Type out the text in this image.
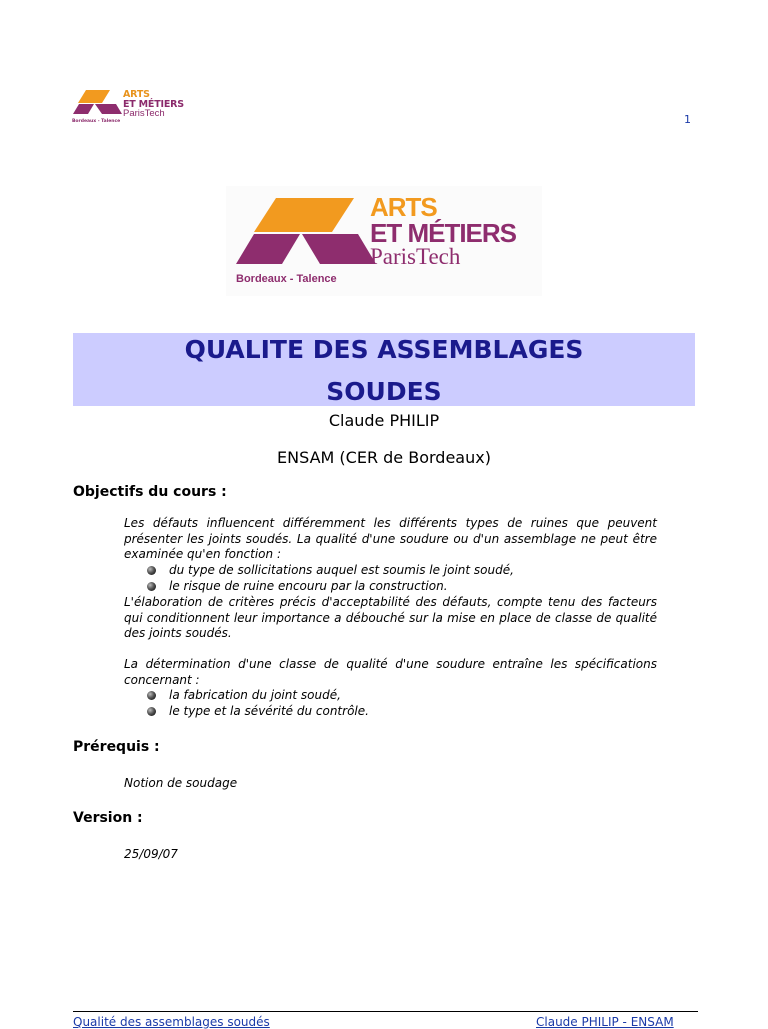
ARTS
ET MÉTIERS
ParisTech
Bordeaux - Talence	1
ARTS
ET MÉTIERS
ParisTech
Bordeaux - Talence
QUALITE DES ASSEMBLAGES
SOUDES
Claude PHILIP
ENSAM (CER de Bordeaux)
Objectifs du cours :
Les défauts influencent différemment les différents types de ruines que peuvent présenter les joints soudés. La qualité d'une soudure ou d'un assemblage ne peut être examinée qu'en fonction :
du type de sollicitations auquel est soumis le joint soudé,
le risque de ruine encouru par la construction.
L'élaboration de critères précis d'acceptabilité des défauts, compte tenu des facteurs qui conditionnent leur importance a débouché sur la mise en place de classe de qualité des joints soudés.
La détermination d'une classe de qualité d'une soudure entraîne les spécifications concernant :
la fabrication du joint soudé,
le type et la sévérité du contrôle.
Prérequis :
Notion de soudage
Version :
25/09/07
Qualité des assemblages soudés	Claude PHILIP - ENSAM
